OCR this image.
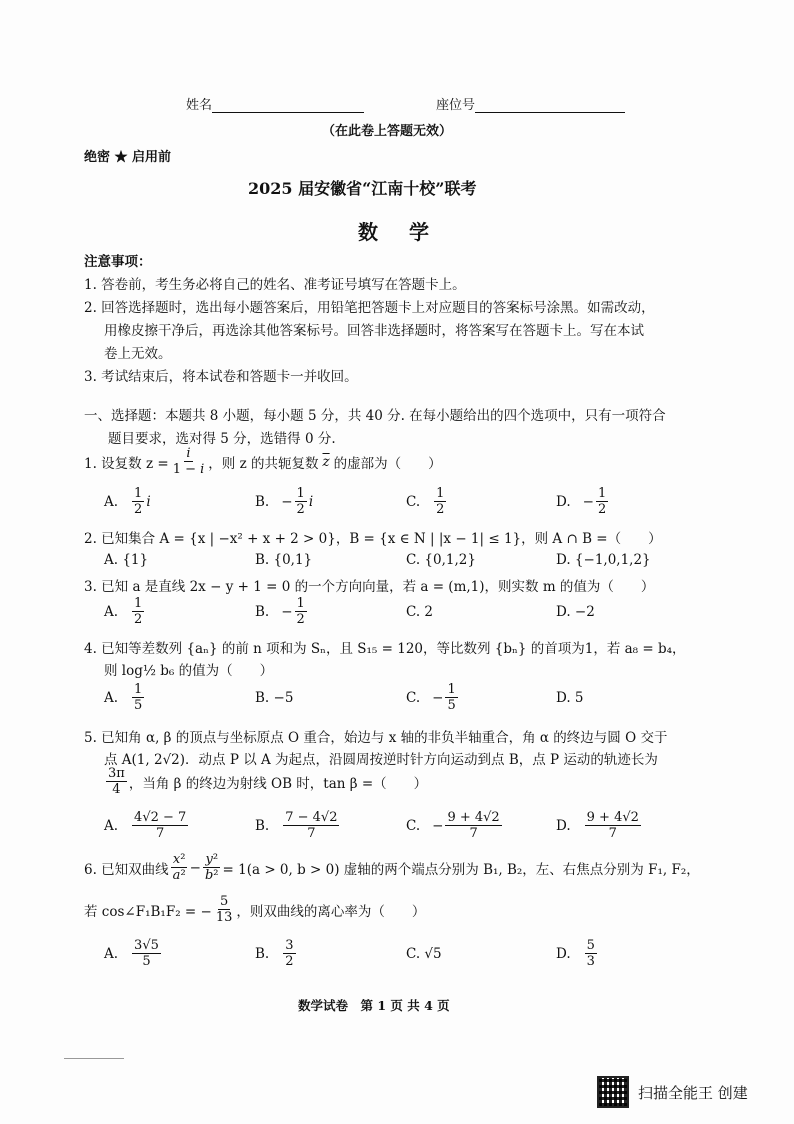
姓名	座位号
（在此卷上答题无效）
绝密 ★ 启用前
2025 届安徽省“江南十校”联考
数 学
注意事项：
1. 答卷前，考生务必将自己的姓名、准考证号填写在答题卡上。
2. 回答选择题时，选出每小题答案后，用铅笔把答题卡上对应题目的答案标号涂黑。如需改动，
用橡皮擦干净后，再选涂其他答案标号。回答非选择题时，将答案写在答题卡上。写在本试
卷上无效。
3. 考试结束后，将本试卷和答题卡一并收回。
一、选择题：本题共 8 小题，每小题 5 分，共 40 分. 在每小题给出的四个选项中，只有一项符合
题目要求，选对得 5 分，选错得 0 分.
1. 设复数 $z = \frac{i}{1 - i}$ ，则 z 的共轭复数 $\overline{z}$ 的虚部为（　　）
A. $\frac{1}{2}$ i	B. − $\frac{1}{2}$ i	C. $\frac{1}{2}$	D. − $\frac{1}{2}$
2. 已知集合 A = {x | −x² + x + 2 > 0}，B = {x ∈ N | |x − 1| ≤ 1}，则 A ∩ B =（　　）
A. {1}	B. {0,1}	C. {0,1,2}	D. {−1,0,1,2}
3. 已知 a 是直线 2x − y + 1 = 0 的一个方向向量，若 a = (m,1)，则实数 m 的值为（　　）
A. $\frac{1}{2}$	B. − $\frac{1}{2}$	C. 2	D. −2
4. 已知等差数列 {aₙ} 的前 n 项和为 Sₙ，且 S₁₅ = 120，等比数列 {bₙ} 的首项为1，若 a₈ = b₄，
则 log½ b₆ 的值为（　　）
A. $\frac{1}{5}$	B. −5	C. − $\frac{1}{5}$	D. 5
5. 已知角 α, β 的顶点与坐标原点 O 重合，始边与 x 轴的非负半轴重合，角 α 的终边与圆 O 交于
点 A(1, 2√2)．动点 P 以 A 为起点，沿圆周按逆时针方向运动到点 B，点 P 运动的轨迹长为
$\frac{3\pi}{4}$ ，当角 β 的终边为射线 OB 时，tan β =（　　）
A. $\frac{4√2 - 7}{7}$	B. $\frac{7 - 4√2}{7}$	C. − $\frac{9 + 4√2}{7}$	D. $\frac{9 + 4√2}{7}$
6. 已知双曲线 $\frac{\text{x²}}{\text{a²}} - \frac{\text{y²}}{\text{b²}} = 1(a > 0$, b > 0) 虚轴的两个端点分别为 B₁, B₂，左、右焦点分别为 F₁, F₂，
若 cos∠F₁B₁F₂ = − $\frac{5}{13}$ ，则双曲线的离心率为（　　）
A. $\frac{3√5}{5}$	B. $\frac{3}{2}$	C. √5	D. $\frac{5}{3}$
数学试卷　第 1 页 共 4 页
扫描全能王 创建
